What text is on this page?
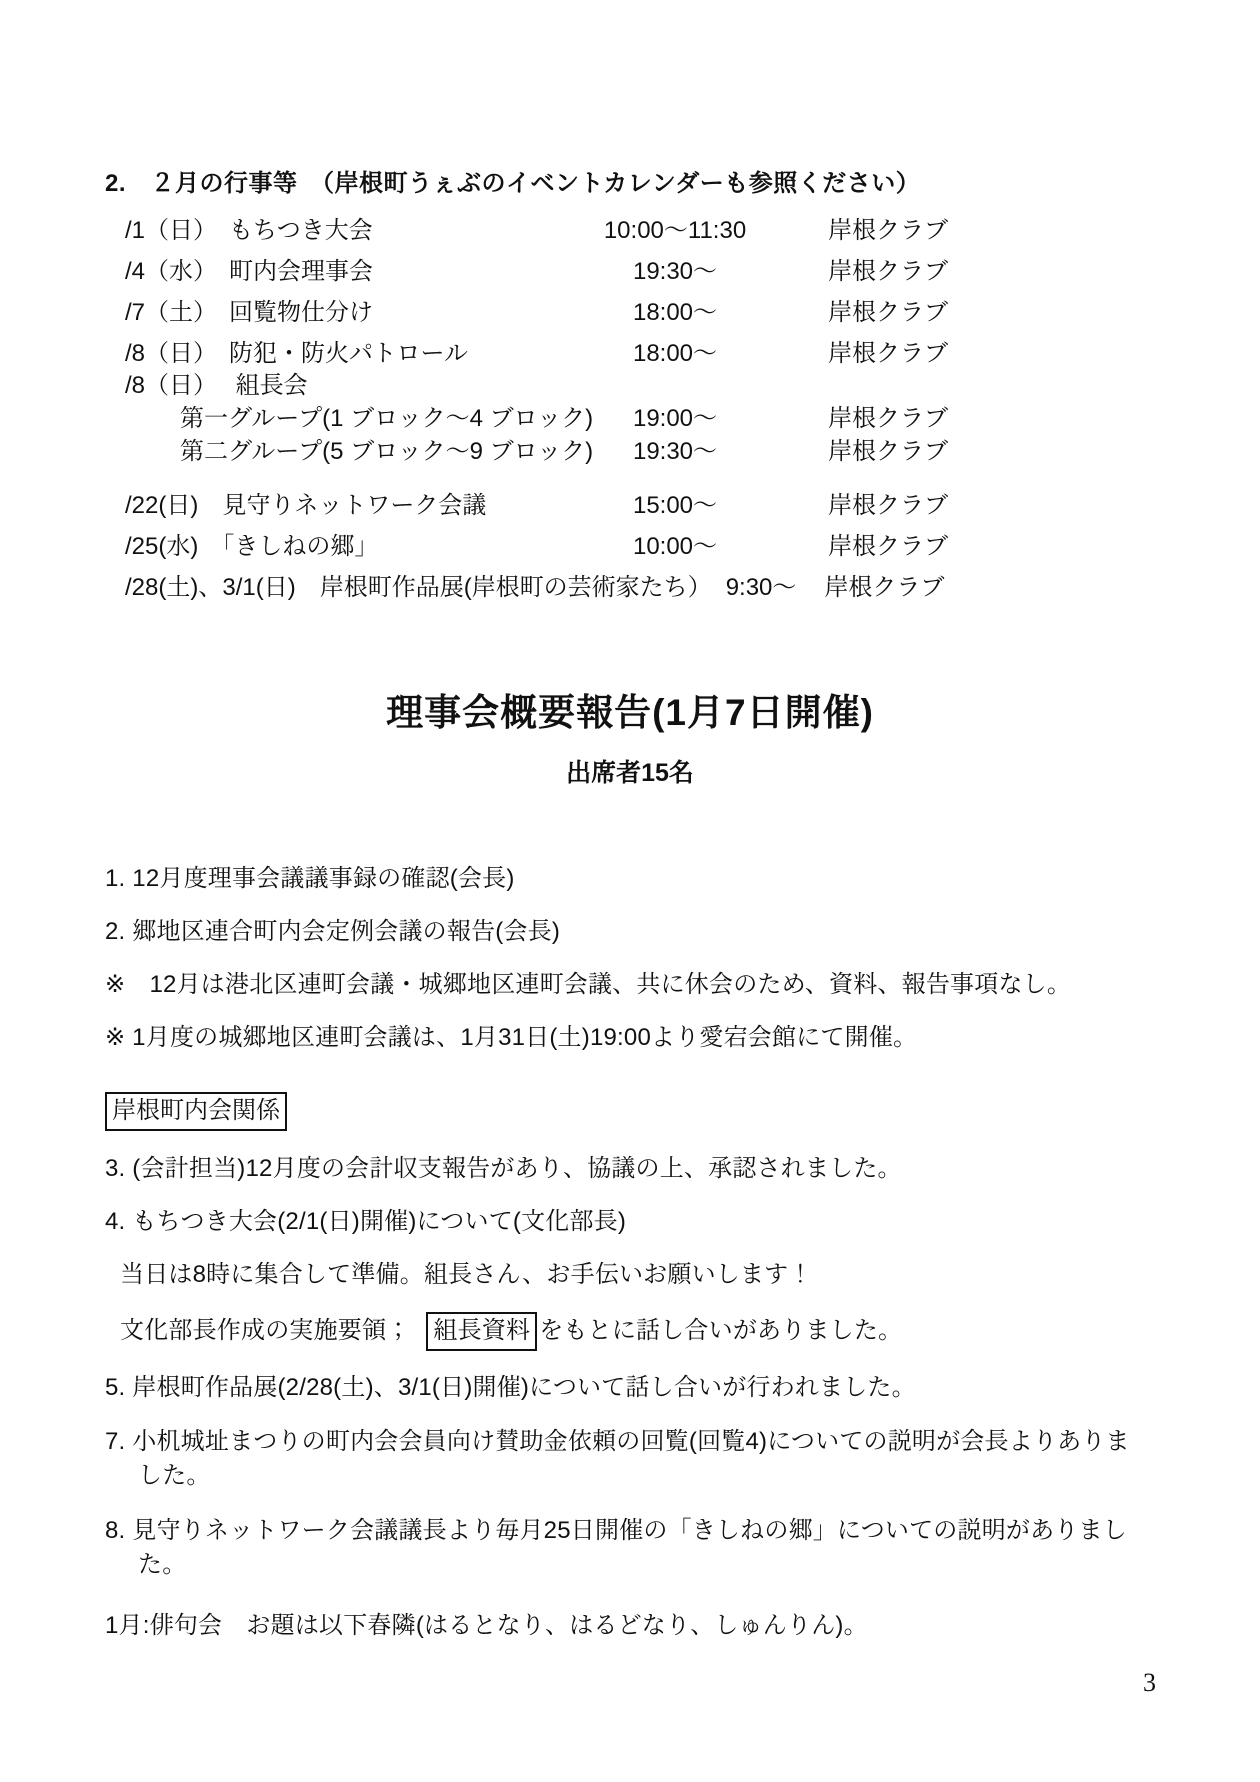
2.　２月の行事等　（岸根町うぇぶのイベントカレンダーも参照ください）
/1（日）　もちつき大会	10:00～11:30	岸根クラブ
/4（水）　町内会理事会	19:30～	岸根クラブ
/7（土）　回覧物仕分け	18:00～	岸根クラブ
/8（日）　防犯・防火パトロール	18:00～	岸根クラブ
/8（日）　 組長会
第一グループ(1 ブロック～4 ブロック)	19:00～	岸根クラブ
第二グループ(5 ブロック～9 ブロック)	19:30～	岸根クラブ
/22(日)　見守りネットワーク会議	15:00～	岸根クラブ
/25(水)　「きしねの郷」	10:00～	岸根クラブ
/28(土)、3/1(日)　岸根町作品展(岸根町の芸術家たち） 9:30～ 岸根クラブ
理事会概要報告(1月7日開催)
出席者15名
1. 12月度理事会議議事録の確認(会長)
2. 郷地区連合町内会定例会議の報告(会長)
※　12月は港北区連町会議・城郷地区連町会議、共に休会のため、資料、報告事項なし。
※ 1月度の城郷地区連町会議は、1月31日(土)19:00より愛宕会館にて開催。
岸根町内会関係
3. (会計担当)12月度の会計収支報告があり、協議の上、承認されました。
4. もちつき大会(2/1(日)開催)について(文化部長)
当日は8時に集合して準備。組長さん、お手伝いお願いします！
文化部長作成の実施要領； 組長資料 をもとに話し合いがありました。
5. 岸根町作品展(2/28(土)、3/1(日)開催)について話し合いが行われました。
7. 小机城址まつりの町内会会員向け賛助金依頼の回覧(回覧4)についての説明が会長よりありました。
8. 見守りネットワーク会議議長より毎月25日開催の「きしねの郷」についての説明がありました。
1月:俳句会　お題は以下春隣(はるとなり、はるどなり、しゅんりん)。
3
